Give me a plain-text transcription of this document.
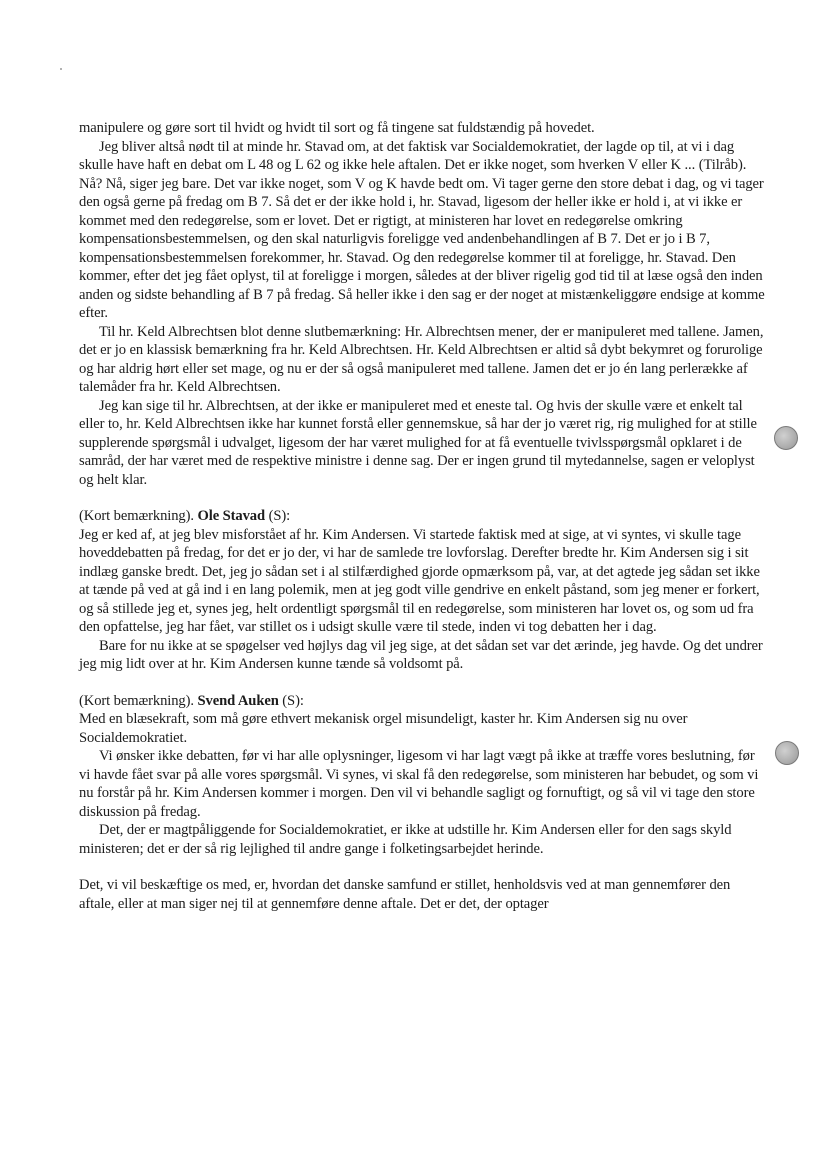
manipulere og gøre sort til hvidt og hvidt til sort og få tingene sat fuldstændig på hovedet.

Jeg bliver altså nødt til at minde hr. Stavad om, at det faktisk var Socialdemokratiet, der lagde op til, at vi i dag skulle have haft en debat om L 48 og L 62 og ikke hele aftalen. Det er ikke noget, som hverken V eller K ... (Tilråb). Nå? Nå, siger jeg bare. Det var ikke noget, som V og K havde bedt om. Vi tager gerne den store debat i dag, og vi tager den også gerne på fredag om B 7. Så det er der ikke hold i, hr. Stavad, ligesom der heller ikke er hold i, at vi ikke er kommet med den redegørelse, som er lovet. Det er rigtigt, at ministeren har lovet en redegørelse omkring kompensationsbestemmelsen, og den skal naturligvis foreligge ved andenbehandlingen af B 7. Det er jo i B 7, kompensationsbestemmelsen forekommer, hr. Stavad. Og den redegørelse kommer til at foreligge, hr. Stavad. Den kommer, efter det jeg fået oplyst, til at foreligge i morgen, således at der bliver rigelig god tid til at læse også den inden anden og sidste behandling af B 7 på fredag. Så heller ikke i den sag er der noget at mistænkeliggøre endsige at komme efter.

Til hr. Keld Albrechtsen blot denne slutbemærkning: Hr. Albrechtsen mener, der er manipuleret med tallene. Jamen, det er jo en klassisk bemærkning fra hr. Keld Albrechtsen. Hr. Keld Albrechtsen er altid så dybt bekymret og forurolige og har aldrig hørt eller set mage, og nu er der så også manipuleret med tallene. Jamen det er jo én lang perlerække af talemåder fra hr. Keld Albrechtsen.

Jeg kan sige til hr. Albrechtsen, at der ikke er manipuleret med et eneste tal. Og hvis der skulle være et enkelt tal eller to, hr. Keld Albrechtsen ikke har kunnet forstå eller gennemskue, så har der jo været rig, rig mulighed for at stille supplerende spørgsmål i udvalget, ligesom der har været mulighed for at få eventuelle tvivlsspørgsmål opklaret i de samråd, der har været med de respektive ministre i denne sag. Der er ingen grund til mytedannelse, sagen er veloplyst og helt klar.

(Kort bemærkning). Ole Stavad (S):

Jeg er ked af, at jeg blev misforstået af hr. Kim Andersen. Vi startede faktisk med at sige, at vi syntes, vi skulle tage hoveddebatten på fredag, for det er jo der, vi har de samlede tre lovforslag. Derefter bredte hr. Kim Andersen sig i sit indlæg ganske bredt. Det, jeg jo sådan set i al stilfærdighed gjorde opmærksom på, var, at det agtede jeg sådan set ikke at tænde på ved at gå ind i en lang polemik, men at jeg godt ville gendrive en enkelt påstand, som jeg mener er forkert, og så stillede jeg et, synes jeg, helt ordentligt spørgsmål til en redegørelse, som ministeren har lovet os, og som ud fra den opfattelse, jeg har fået, var stillet os i udsigt skulle være til stede, inden vi tog debatten her i dag.

Bare for nu ikke at se spøgelser ved højlys dag vil jeg sige, at det sådan set var det ærinde, jeg havde. Og det undrer jeg mig lidt over at hr. Kim Andersen kunne tænde så voldsomt på.

(Kort bemærkning). Svend Auken (S):

Med en blæsekraft, som må gøre ethvert mekanisk orgel misundeligt, kaster hr. Kim Andersen sig nu over Socialdemokratiet.

Vi ønsker ikke debatten, før vi har alle oplysninger, ligesom vi har lagt vægt på ikke at træffe vores beslutning, før vi havde fået svar på alle vores spørgsmål. Vi synes, vi skal få den redegørelse, som ministeren har bebudet, og som vi nu forstår på hr. Kim Andersen kommer i morgen. Den vil vi behandle sagligt og fornuftigt, og så vil vi tage den store diskussion på fredag.

Det, der er magtpåliggende for Socialdemokratiet, er ikke at udstille hr. Kim Andersen eller for den sags skyld ministeren; det er der så rig lejlighed til andre gange i folketingsarbejdet herinde.

Det, vi vil beskæftige os med, er, hvordan det danske samfund er stillet, henholdsvis ved at man gennemfører den aftale, eller at man siger nej til at gennemføre denne aftale. Det er det, der optager
